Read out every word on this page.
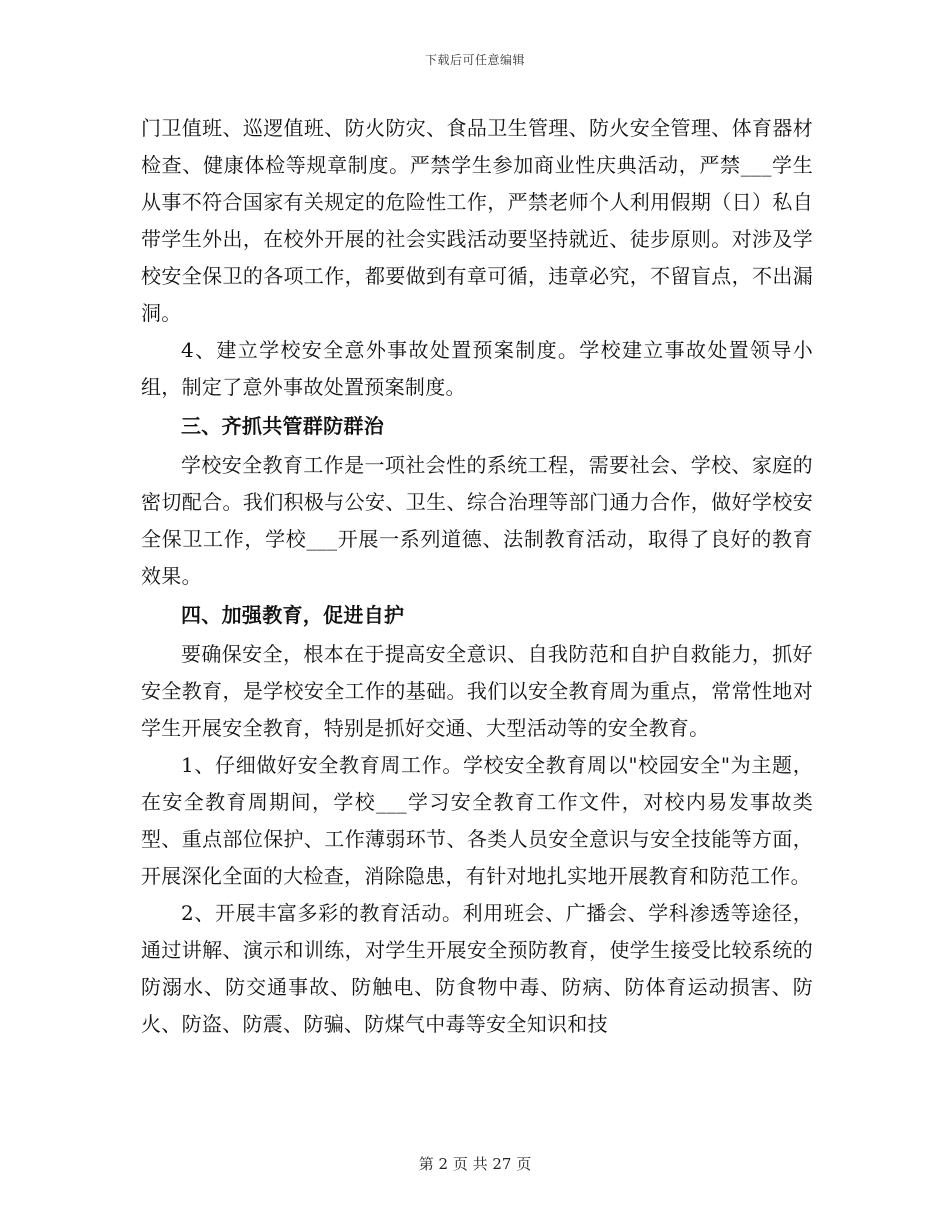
下载后可任意编辑

门卫值班、巡逻值班、防火防灾、食品卫生管理、防火安全管理、体育器材检查、健康体检等规章制度。严禁学生参加商业性庆典活动，严禁___学生从事不符合国家有关规定的危险性工作，严禁老师个人利用假期（日）私自带学生外出，在校外开展的社会实践活动要坚持就近、徒步原则。对涉及学校安全保卫的各项工作，都要做到有章可循，违章必究，不留盲点，不出漏洞。

4、建立学校安全意外事故处置预案制度。学校建立事故处置领导小组，制定了意外事故处置预案制度。

三、齐抓共管群防群治

学校安全教育工作是一项社会性的系统工程，需要社会、学校、家庭的密切配合。我们积极与公安、卫生、综合治理等部门通力合作，做好学校安全保卫工作，学校___开展一系列道德、法制教育活动，取得了良好的教育效果。

四、加强教育，促进自护

要确保安全，根本在于提高安全意识、自我防范和自护自救能力，抓好安全教育，是学校安全工作的基础。我们以安全教育周为重点，常常性地对学生开展安全教育，特别是抓好交通、大型活动等的安全教育。

1、仔细做好安全教育周工作。学校安全教育周以"校园安全"为主题，在安全教育周期间，学校___学习安全教育工作文件，对校内易发事故类型、重点部位保护、工作薄弱环节、各类人员安全意识与安全技能等方面，开展深化全面的大检查，消除隐患，有针对地扎实地开展教育和防范工作。

2、开展丰富多彩的教育活动。利用班会、广播会、学科渗透等途径，通过讲解、演示和训练，对学生开展安全预防教育，使学生接受比较系统的防溺水、防交通事故、防触电、防食物中毒、防病、防体育运动损害、防火、防盗、防震、防骗、防煤气中毒等安全知识和技

第 2 页 共 27 页
